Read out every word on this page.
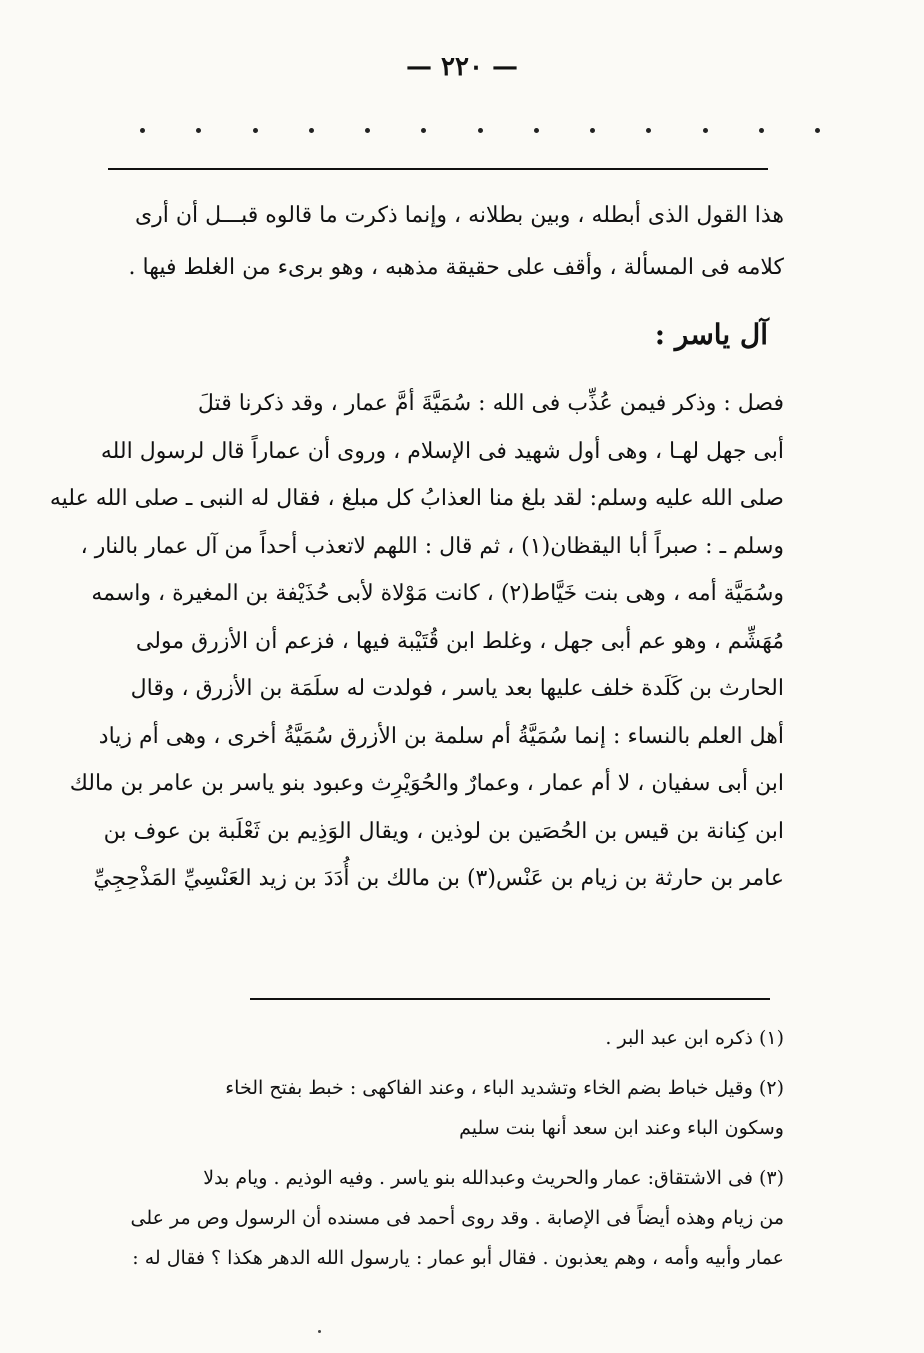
— ٢٢٠ —
هذا القول الذى أبطله ، وبين بطلانه ، وإنما ذكرت ما قالوه قبـــل أن أرى
كلامه فى المسألة ، وأقف على حقيقة مذهبه ، وهو برىء من الغلط فيها .
آل ياسر :
فصل : وذكر فيمن عُذِّب فى الله : سُمَيَّةَ أمَّ عمار ، وقد ذكرنا قتلَ
أبى جهل لهـا ، وهى أول شهيد فى الإسلام ، وروى أن عماراً قال لرسول الله
صلى الله عليه وسلم: لقد بلغ منا العذابُ كل مبلغ ، فقال له النبى ـ صلى الله عليه
وسلم ـ : صبراً أبا اليقظان(١) ، ثم قال : اللهم لاتعذب أحداً من آل عمار بالنار ،
وسُمَيَّة أمه ، وهى بنت خَيَّاط(٢) ، كانت مَوْلاة لأبى حُذَيْفة بن المغيرة ، واسمه
مُهَشِّم ، وهو عم أبى جهل ، وغلط ابن قُتَيْبة فيها ، فزعم أن الأزرق مولى
الحارث بن كَلَدة خلف عليها بعد ياسر ، فولدت له سلَمَة بن الأزرق ، وقال
أهل العلم بالنساء : إنما سُمَيَّةُ أم سلمة بن الأزرق سُمَيَّةُ أخرى ، وهى أم زياد
ابن أبى سفيان ، لا أم عمار ، وعمارٌ والحُوَيْرِث وعبود بنو ياسر بن عامر بن مالك
ابن كِنانة بن قيس بن الحُصَين بن لوذين ، ويقال الوَذِيم بن ثَعْلَبة بن عوف بن
عامر بن حارثة بن زيام بن عَنْس(٣) بن مالك بن أُدَدَ بن زيد العَنْسِيِّ المَذْحِجِيِّ
(١) ذكره ابن عبد البر .
(٢) وقيل خباط بضم الخاء وتشديد الباء ، وعند الفاكهى : خبط بفتح الخاء
وسكون الباء وعند ابن سعد أنها بنت سليم
(٣) فى الاشتقاق: عمار والحريث وعبدالله بنو ياسر . وفيه الوذيم . ويام بدلا
من زيام وهذه أيضاً فى الإصابة . وقد روى أحمد فى مسنده أن الرسول وص مر على
عمار وأبيه وأمه ، وهم يعذبون . فقال أبو عمار : يارسول الله الدهر هكذا ؟ فقال له :
